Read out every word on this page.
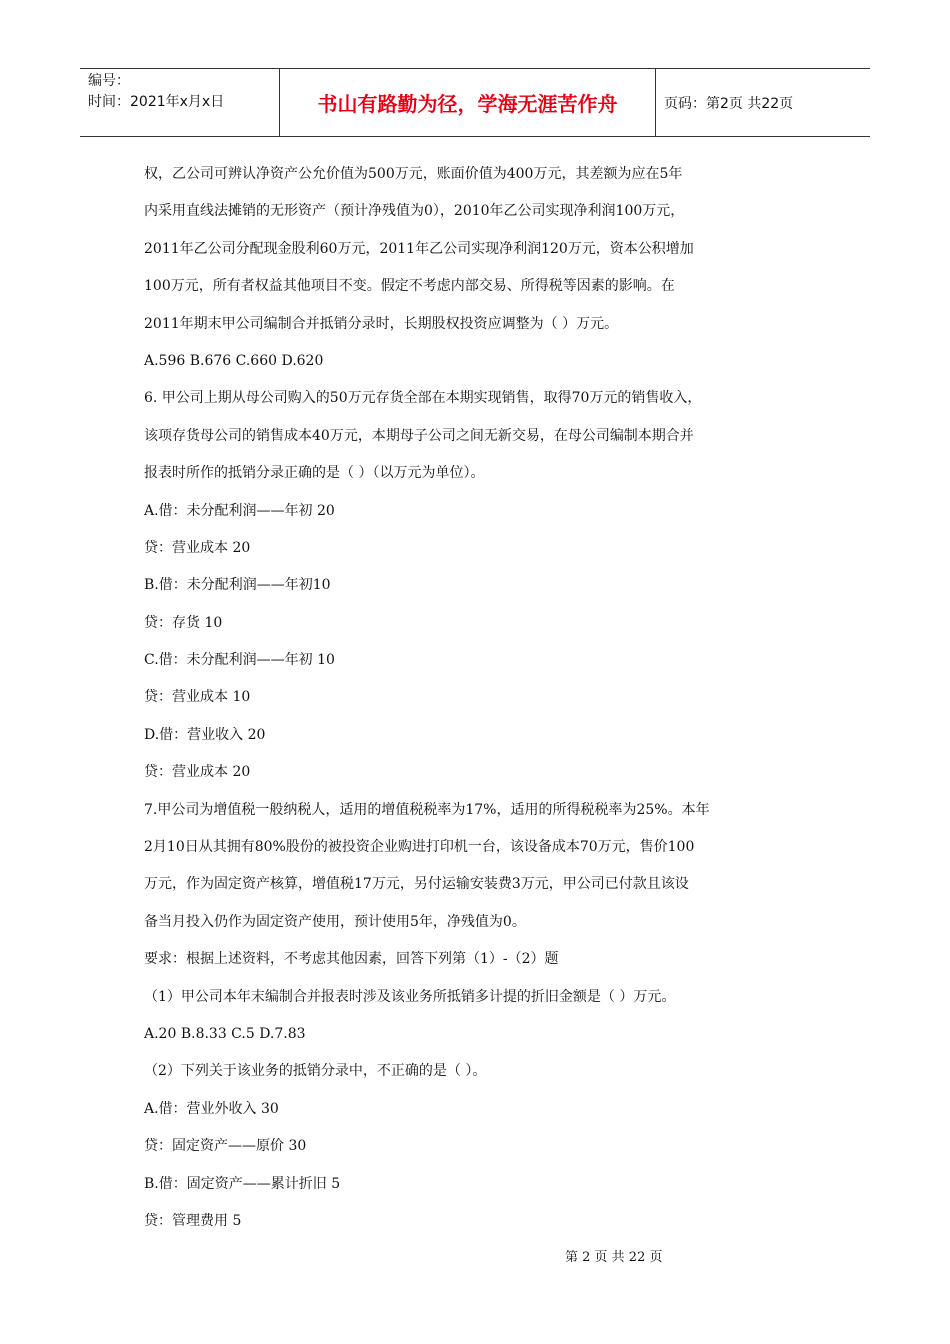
编号：
时间：2021年x月x日	书山有路勤为径，学海无涯苦作舟	页码：第2页 共22页
权，乙公司可辨认净资产公允价值为500万元，账面价值为400万元，其差额为应在5年
内采用直线法摊销的无形资产（预计净残值为0），2010年乙公司实现净利润100万元，
2011年乙公司分配现金股利60万元，2011年乙公司实现净利润120万元，资本公积增加
100万元，所有者权益其他项目不变。假定不考虑内部交易、所得税等因素的影响。在
2011年期末甲公司编制合并抵销分录时，长期股权投资应调整为（ ）万元。
A.596 B.676 C.660 D.620
6. 甲公司上期从母公司购入的50万元存货全部在本期实现销售，取得70万元的销售收入，
该项存货母公司的销售成本40万元，本期母子公司之间无新交易，在母公司编制本期合并
报表时所作的抵销分录正确的是（ ）（以万元为单位）。
A.借：未分配利润——年初 20
贷：营业成本 20
B.借：未分配利润——年初10
贷：存货 10
C.借：未分配利润——年初 10
贷：营业成本 10
D.借：营业收入 20
贷：营业成本 20
7.甲公司为增值税一般纳税人，适用的增值税税率为17%，适用的所得税税率为25%。本年
2月10日从其拥有80%股份的被投资企业购进打印机一台，该设备成本70万元，售价100
万元，作为固定资产核算，增值税17万元，另付运输安装费3万元，甲公司已付款且该设
备当月投入仍作为固定资产使用，预计使用5年，净残值为0。
要求：根据上述资料，不考虑其他因素，回答下列第（1）-（2）题
（1）甲公司本年末编制合并报表时涉及该业务所抵销多计提的折旧金额是（ ）万元。
A.20 B.8.33 C.5 D.7.83
（2）下列关于该业务的抵销分录中，不正确的是（ ）。
A.借：营业外收入 30
贷：固定资产——原价 30
B.借：固定资产——累计折旧 5
贷：管理费用 5
第 2 页 共 22 页
